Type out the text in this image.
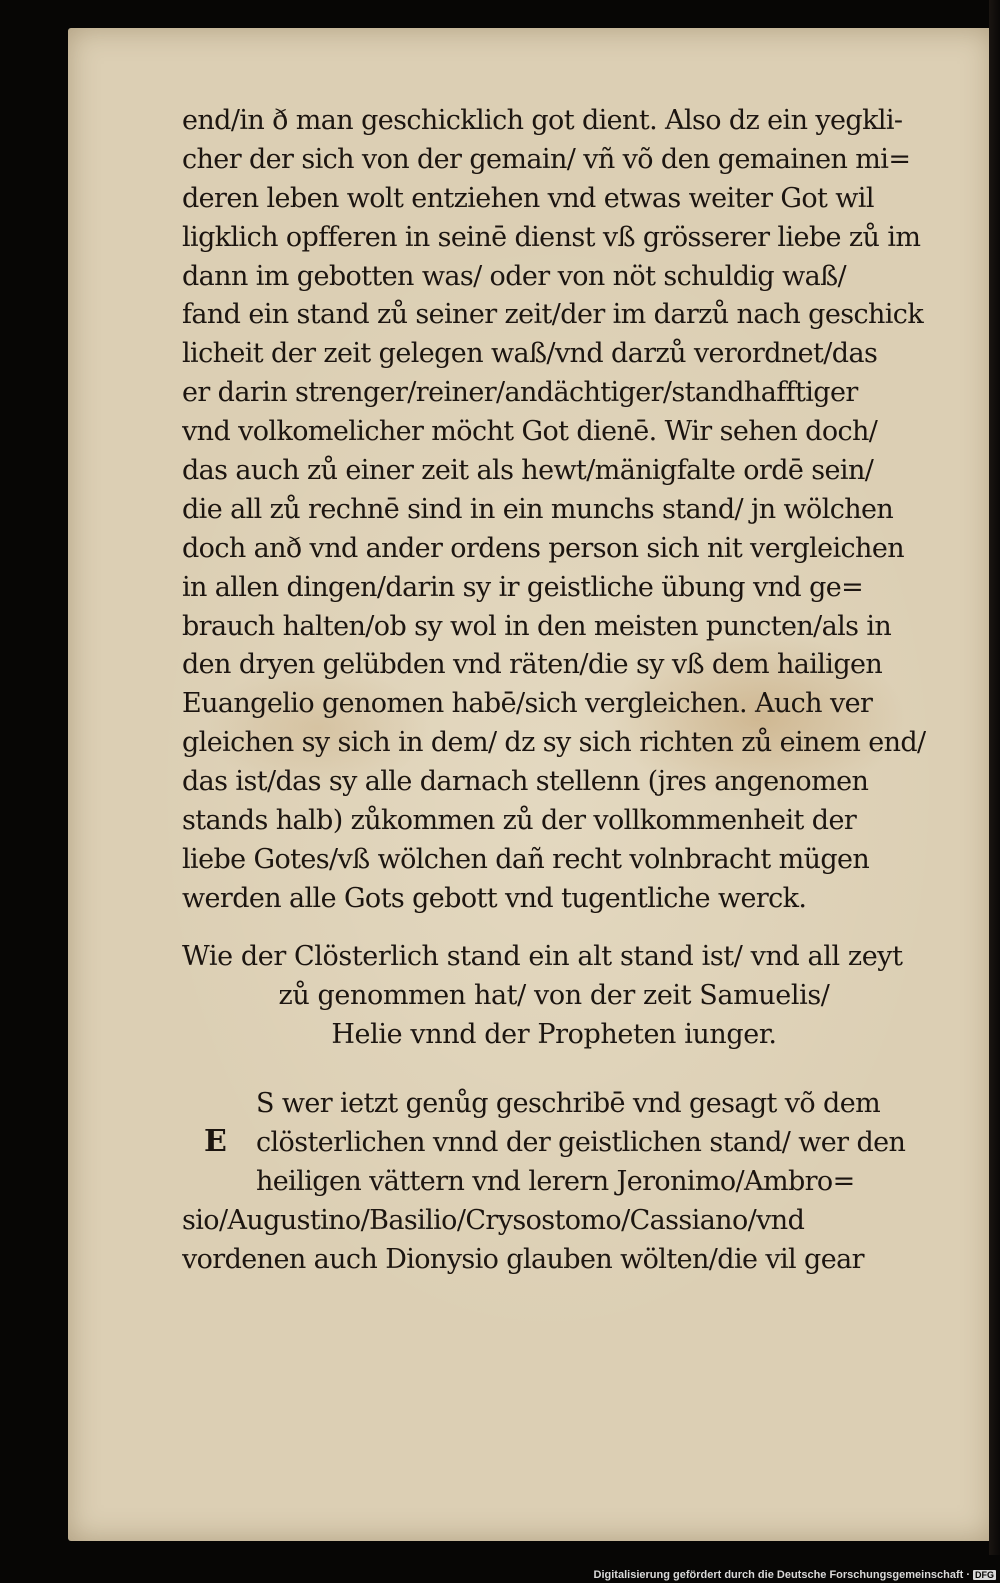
end/in ð man geschicklich got dient. Also dz ein yegkli-
cher der sich von der gemain/ vñ võ den gemainen mi=
deren leben wolt entziehen vnd etwas weiter Got wil
ligklich opfferen in seinē dienst vß grösserer liebe zů im
dann im gebotten was/ oder von nöt schuldig waß/
fand ein stand zů seiner zeit/der im darzů nach geschick
licheit der zeit gelegen waß/vnd darzů verordnet/das
er darin strenger/reiner/andächtiger/standhafftiger
vnd volkomelicher möcht Got dienē. Wir sehen doch/
das auch zů einer zeit als hewt/mänigfalte ordē sein/
die all zů rechnē sind in ein munchs stand/ jn wölchen
doch anð vnd ander ordens person sich nit vergleichen
in allen dingen/darin sy ir geistliche übung vnd ge=
brauch halten/ob sy wol in den meisten puncten/als in
den dryen gelübden vnd räten/die sy vß dem hailigen
Euangelio genomen habē/sich vergleichen. Auch ver
gleichen sy sich in dem/ dz sy sich richten zů einem end/
das ist/das sy alle darnach stellenn (jres angenomen
stands halb) zůkommen zů der vollkommenheit der
liebe Gotes/vß wölchen dañ recht volnbracht mügen
werden alle Gots gebott vnd tugentliche werck.
Wie der Clösterlich stand ein alt stand ist/ vnd all zeyt
zů genommen hat/ von der zeit Samuelis/
Helie vnnd der Propheten iunger.
E
S wer ietzt genůg geschribē vnd gesagt võ dem
clösterlichen vnnd der geistlichen stand/ wer den
heiligen vättern vnd lerern Jeronimo/Ambro=
sio/Augustino/Basilio/Crysostomo/Cassiano/vnd
vordenen auch Dionysio glauben wölten/die vil gear
Digitalisierung gefördert durch die Deutsche Forschungsgemeinschaft · DFG
